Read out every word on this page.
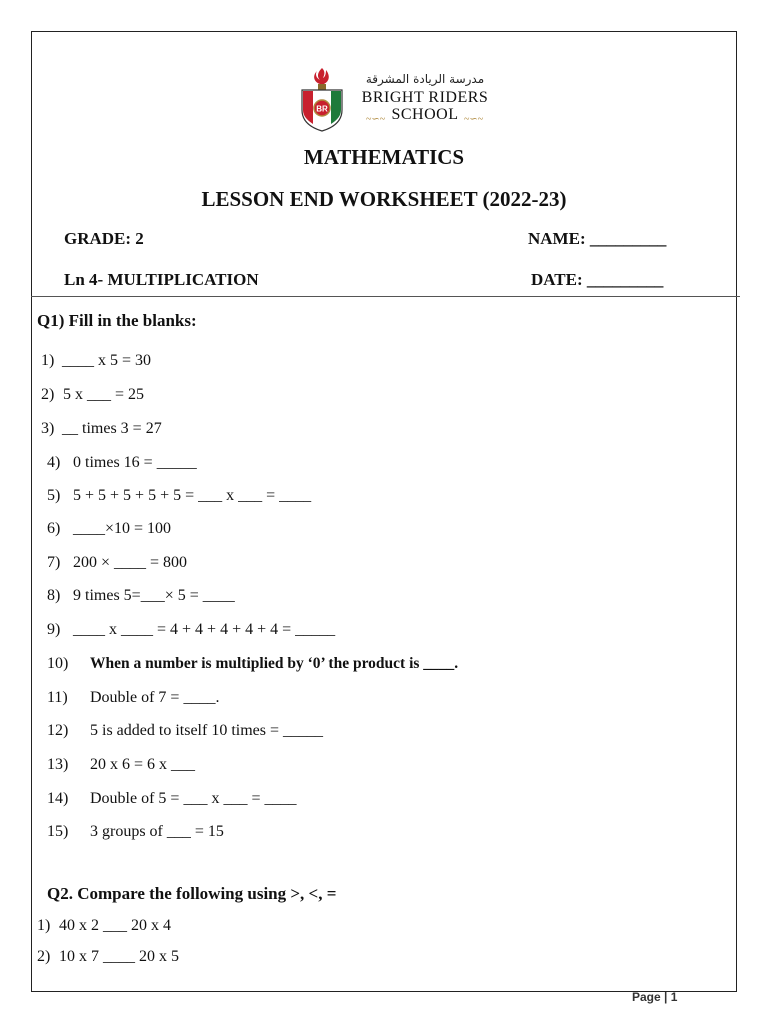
BR
مدرسة الريادة المشرقة
BRIGHT RIDERS
~∽~ SCHOOL ~∽~
MATHEMATICS
LESSON END WORKSHEET (2022-23)
GRADE: 2	NAME: _________
Ln 4- MULTIPLICATION	DATE: _________
Q1) Fill in the blanks:
1) ____ x 5 = 30
2) 5 x ___ = 25
3) __ times 3 = 27
4) 0 times 16 = _____
5) 5 + 5 + 5 + 5 + 5 = ___ x ___ = ____
6) ____×10 = 100
7) 200 × ____ = 800
8) 9 times 5=___× 5 = ____
9) ____ x ____ = 4 + 4 + 4 + 4 + 4 = _____
10) When a number is multiplied by ‘0’ the product is ____.
11) Double of 7 = ____.
12) 5 is added to itself 10 times = _____
13) 20 x 6 = 6 x ___
14) Double of 5 = ___ x ___ = ____
15) 3 groups of ___ = 15
Q2. Compare the following using >, <, =
1) 40 x 2 ___ 20 x 4
2) 10 x 7 ____ 20 x 5
Page | 1
